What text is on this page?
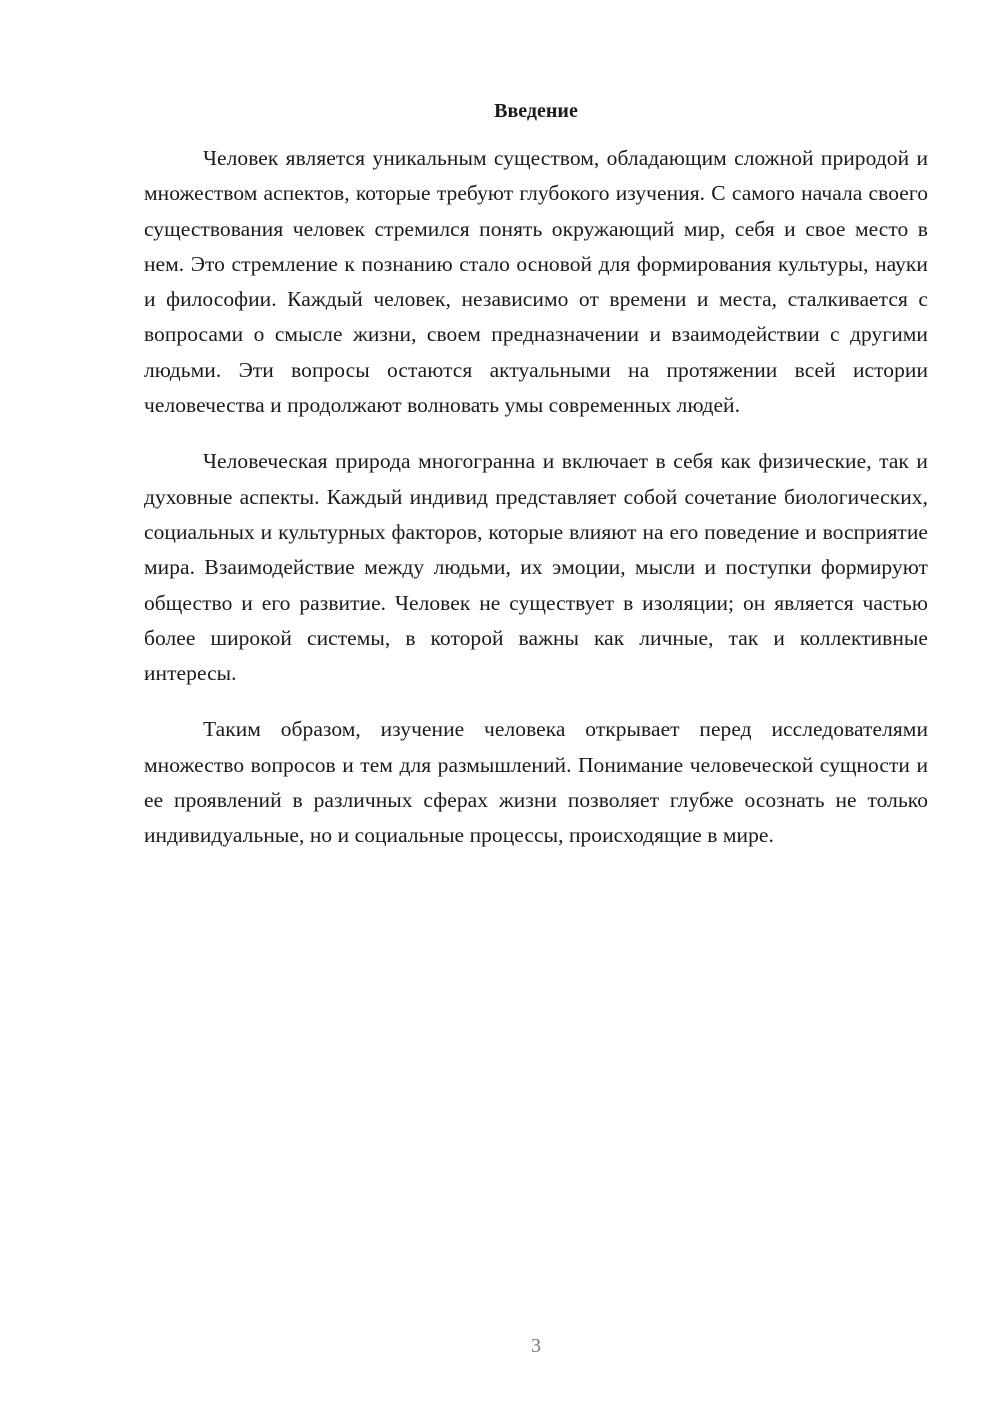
Введение

Человек является уникальным существом, обладающим сложной природой и множеством аспектов, которые требуют глубокого изучения. С самого начала своего существования человек стремился понять окружающий мир, себя и свое место в нем. Это стремление к познанию стало основой для формирования культуры, науки и философии. Каждый человек, независимо от времени и места, сталкивается с вопросами о смысле жизни, своем предназначении и взаимодействии с другими людьми. Эти вопросы остаются актуальными на протяжении всей истории человечества и продолжают волновать умы современных людей.

Человеческая природа многогранна и включает в себя как физические, так и духовные аспекты. Каждый индивид представляет собой сочетание биологических, социальных и культурных факторов, которые влияют на его поведение и восприятие мира. Взаимодействие между людьми, их эмоции, мысли и поступки формируют общество и его развитие. Человек не существует в изоляции; он является частью более широкой системы, в которой важны как личные, так и коллективные интересы.

Таким образом, изучение человека открывает перед исследователями множество вопросов и тем для размышлений. Понимание человеческой сущности и ее проявлений в различных сферах жизни позволяет глубже осознать не только индивидуальные, но и социальные процессы, происходящие в мире.

3
